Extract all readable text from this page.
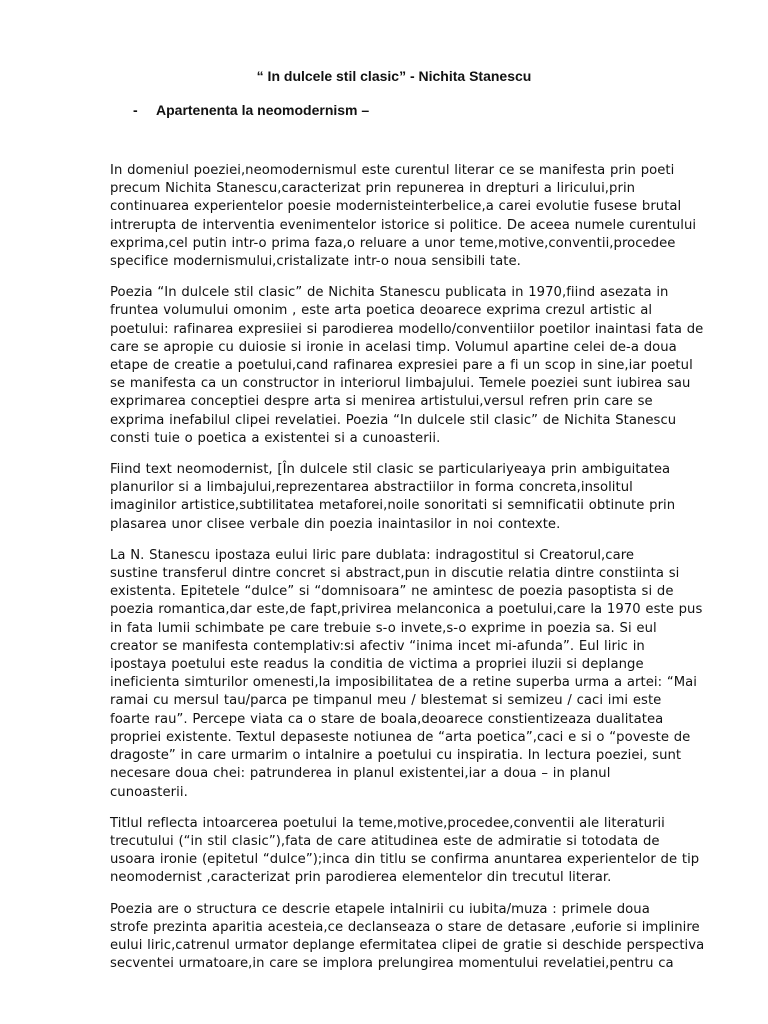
“ In dulcele stil clasic” - Nichita Stanescu
- Apartenenta la neomodernism –

In domeniul poeziei,neomodernismul este curentul literar ce se manifesta prin poeti
precum Nichita Stanescu,caracterizat prin repunerea in drepturi a liricului,prin
continuarea experientelor poesie modernisteinterbelice,a carei evolutie fusese brutal
intrerupta de interventia evenimentelor istorice si politice. De aceea numele curentului
exprima,cel putin intr-o prima faza,o reluare a unor teme,motive,conventii,procedee
specifice modernismului,cristalizate intr-o noua sensibili tate.

Poezia “In dulcele stil clasic” de Nichita Stanescu publicata in 1970,fiind asezata in
fruntea volumului omonim , este arta poetica deoarece exprima crezul artistic al
poetului: rafinarea expresiiei si parodierea modello/conventiilor poetilor inaintasi fata de
care se apropie cu duiosie si ironie in acelasi timp. Volumul apartine celei de-a doua
etape de creatie a poetului,cand rafinarea expresiei pare a fi un scop in sine,iar poetul
se manifesta ca un constructor in interiorul limbajului. Temele poeziei sunt iubirea sau
exprimarea conceptiei despre arta si menirea artistului,versul refren prin care se
exprima inefabilul clipei revelatiei. Poezia “In dulcele stil clasic” de Nichita Stanescu
consti tuie o poetica a existentei si a cunoasterii.

Fiind text neomodernist, [În dulcele stil clasic se particulariyeaya prin ambiguitatea
planurilor si a limbajului,reprezentarea abstractiilor in forma concreta,insolitul
imaginilor artistice,subtilitatea metaforei,noile sonoritati si semnificatii obtinute prin
plasarea unor clisee verbale din poezia inaintasilor in noi contexte.

La N. Stanescu ipostaza eului liric pare dublata: indragostitul si Creatorul,care
sustine transferul dintre concret si abstract,pun in discutie relatia dintre constiinta si
existenta. Epitetele “dulce” si “domnisoara” ne amintesc de poezia pasoptista si de
poezia romantica,dar este,de fapt,privirea melanconica a poetului,care la 1970 este pus
in fata lumii schimbate pe care trebuie s-o invete,s-o exprime in poezia sa. Si eul
creator se manifesta contemplativ:si afectiv “inima incet mi-afunda”. Eul liric in
ipostaya poetului este readus la conditia de victima a propriei iluzii si deplange
ineficienta simturilor omenesti,la imposibilitatea de a retine superba urma a artei: “Mai
ramai cu mersul tau/parca pe timpanul meu / blestemat si semizeu / caci imi este
foarte rau”. Percepe viata ca o stare de boala,deoarece constientizeaza dualitatea
propriei existente. Textul depaseste notiunea de “arta poetica”,caci e si o “poveste de
dragoste” in care urmarim o intalnire a poetului cu inspiratia. In lectura poeziei, sunt
necesare doua chei: patrunderea in planul existentei,iar a doua – in planul
cunoasterii.

Titlul reflecta intoarcerea poetului la teme,motive,procedee,conventii ale literaturii
trecutului (“in stil clasic”),fata de care atitudinea este de admiratie si totodata de
usoara ironie (epitetul “dulce”);inca din titlu se confirma anuntarea experientelor de tip
neomodernist ,caracterizat prin parodierea elementelor din trecutul literar.

Poezia are o structura ce descrie etapele intalnirii cu iubita/muza : primele doua
strofe prezinta aparitia acesteia,ce declanseaza o stare de detasare ,euforie si implinire
eului liric,catrenul urmator deplange efermitatea clipei de gratie si deschide perspectiva
secventei urmatoare,in care se implora prelungirea momentului revelatiei,pentru ca
